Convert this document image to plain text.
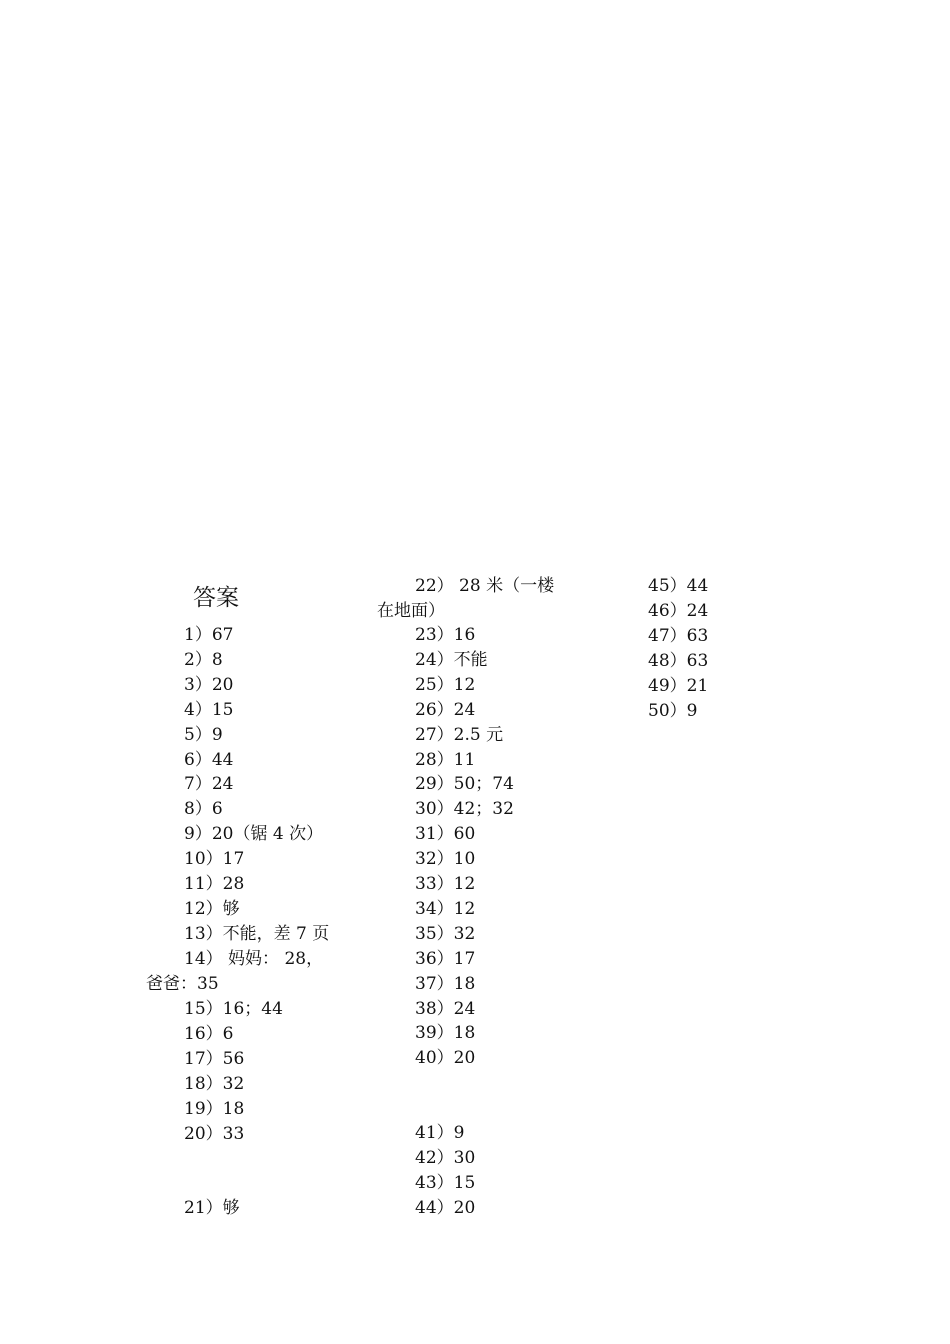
答案
1）67
2）8
3）20
4）15
5）9
6）44
7）24
8）6
9）20（锯 4 次）
10）17
11）28
12）够
13）不能，差 7 页
14） 妈妈： 28，
爸爸：35
15）16；44
16）6
17）56
18）32
19）18
20）33
21）够
22） 28 米（一楼
在地面）
23）16
24）不能
25）12
26）24
27）2.5 元
28）11
29）50；74
30）42；32
31）60
32）10
33）12
34）12
35）32
36）17
37）18
38）24
39）18
40）20
41）9
42）30
43）15
44）20
45）44
46）24
47）63
48）63
49）21
50）9
